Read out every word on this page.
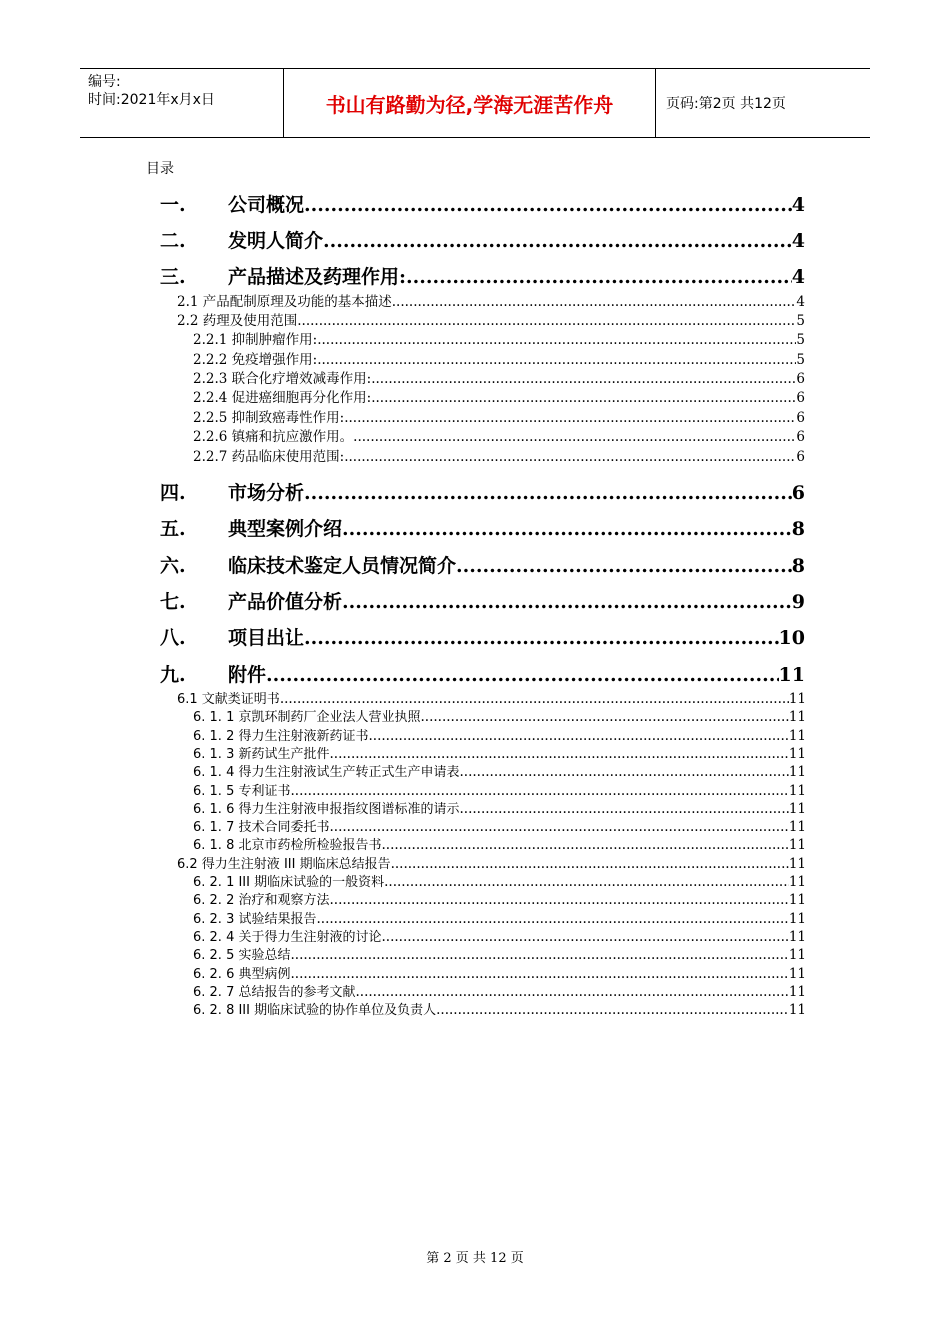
编号:
时间:2021年x月x日	书山有路勤为径,学海无涯苦作舟	页码:第2页 共12页
目录
一. 公司概况 .....	4
二. 发明人简介 .....	4
三. 产品描述及药理作用: .....	4
2.1 产品配制原理及功能的基本描述 .....	4
2.2 药理及使用范围 .....	5
2.2.1 抑制肿瘤作用: .....	5
2.2.2 免疫增强作用: .....	5
2.2.3 联合化疗增效减毒作用: .....	6
2.2.4 促进癌细胞再分化作用: .....	6
2.2.5 抑制致癌毒性作用: .....	6
2.2.6 镇痛和抗应激作用。 .....	6
2.2.7 药品临床使用范围: .....	6
四. 市场分析 .....	6
五. 典型案例介绍 .....	8
六. 临床技术鉴定人员情况简介 .....	8
七. 产品价值分析 .....	9
八. 项目出让 .....	10
九. 附件 .....	11
6.1 文献类证明书 .....	11
6. 1. 1 京凯环制药厂企业法人营业执照 .....	11
6. 1. 2 得力生注射液新药证书 .....	11
6. 1. 3 新药试生产批件 .....	11
6. 1. 4 得力生注射液试生产转正式生产申请表 .....	11
6. 1. 5 专利证书 .....	11
6. 1. 6 得力生注射液申报指纹图谱标准的请示 .....	11
6. 1. 7 技术合同委托书 .....	11
6. 1. 8 北京市药检所检验报告书 .....	11
6.2 得力生注射液 III 期临床总结报告 .....	11
6. 2. 1 III 期临床试验的一般资料 .....	11
6. 2. 2 治疗和观察方法 .....	11
6. 2. 3 试验结果报告 .....	11
6. 2. 4 关于得力生注射液的讨论 .....	11
6. 2. 5 实验总结 .....	11
6. 2. 6 典型病例 .....	11
6. 2. 7 总结报告的参考文献 .....	11
6. 2. 8 III 期临床试验的协作单位及负责人 .....	11
第 2 页 共 12 页
